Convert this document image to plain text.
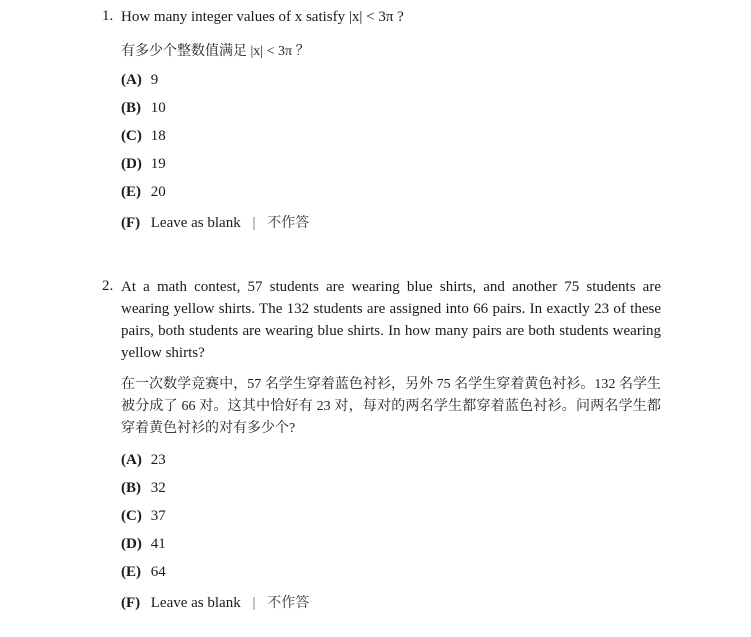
1. How many integer values of x satisfy |x| < 3π ?
有多少个整数值满足 |x| < 3π ？
(A) 9
(B) 10
(C) 18
(D) 19
(E) 20
(F) Leave as blank | 不作答
2. At a math contest, 57 students are wearing blue shirts, and another 75 students are wearing yellow shirts. The 132 students are assigned into 66 pairs. In exactly 23 of these pairs, both students are wearing blue shirts. In how many pairs are both students wearing yellow shirts?
在一次数学竞赛中，57 名学生穿着蓝色衬衫，另外 75 名学生穿着黄色衬衫。132 名学生被分成了 66 对。这其中恰好有 23 对，每对的两名学生都穿着蓝色衬衫。问两名学生都穿着黄色衬衫的对有多少个?
(A) 23
(B) 32
(C) 37
(D) 41
(E) 64
(F) Leave as blank | 不作答
